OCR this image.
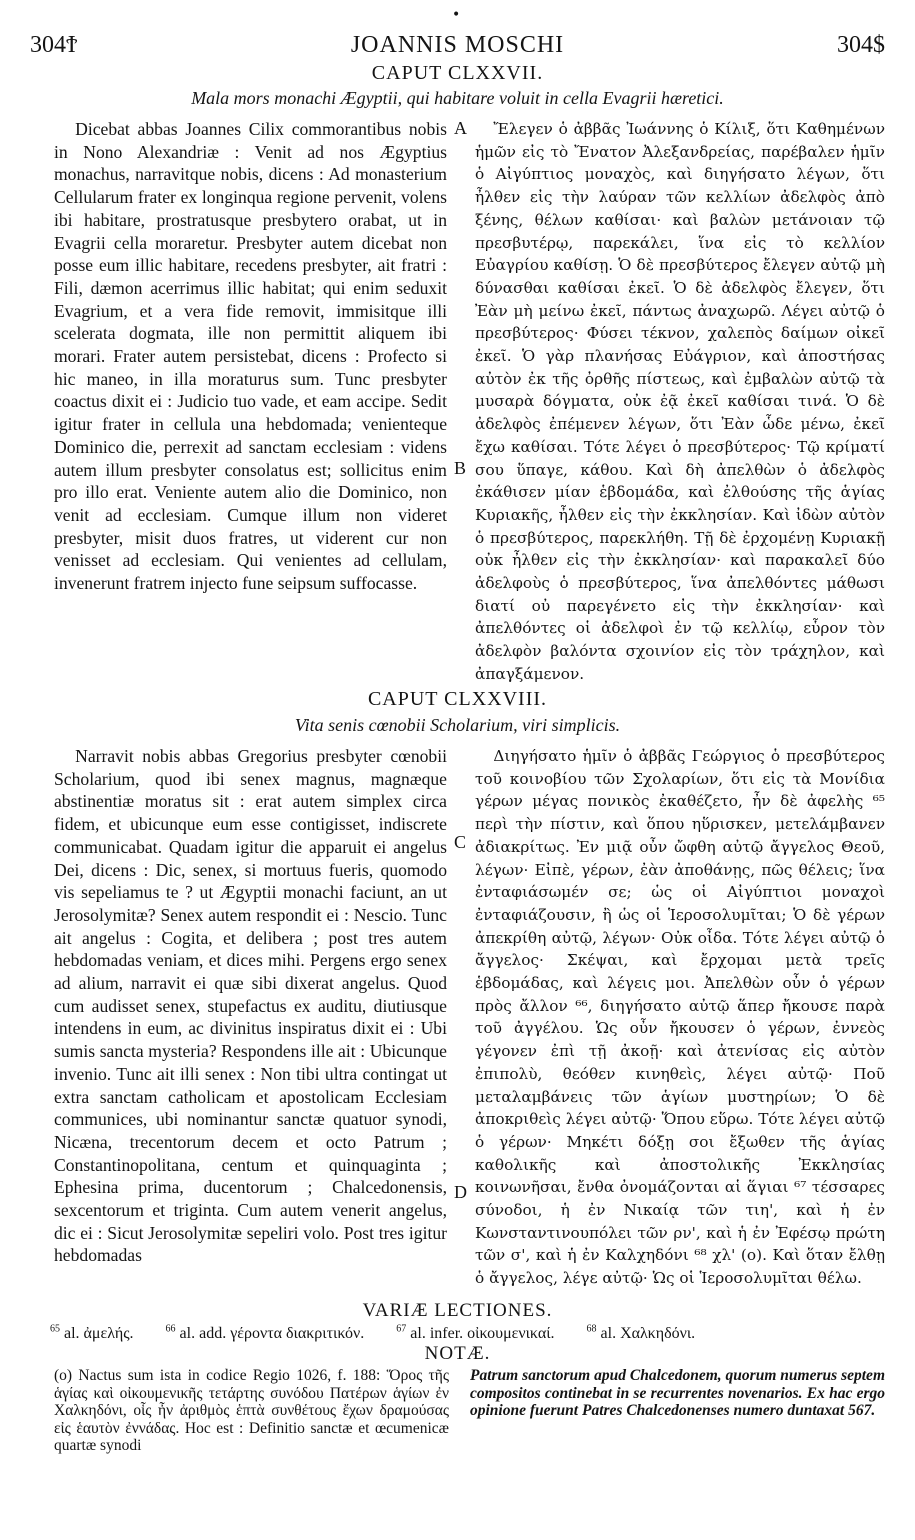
•
304Ϯ	JOANNIS MOSCHI	304$
CAPUT CLXXVII.
Mala mors monachi Ægyptii, qui habitare voluit in cella Evagrii hæretici.

Dicebat abbas Joannes Cilix commorantibus nobis in Nono Alexandriæ : Venit ad nos Ægyptius monachus, narravitque nobis, dicens : Ad monasterium Cellularum frater ex longinqua regione pervenit, volens ibi habitare, prostratusque presbytero orabat, ut in Evagrii cella moraretur. Presbyter autem dicebat non posse eum illic habitare, recedens presbyter, ait fratri : Fili, dæmon acerrimus illic habitat; qui enim seduxit Evagrium, et a vera fide removit, immisitque illi scelerata dogmata, ille non permittit aliquem ibi morari. Frater autem persistebat, dicens : Profecto si hic maneo, in illa moraturus sum. Tunc presbyter coactus dixit ei : Judicio tuo vade, et eam accipe. Sedit igitur frater in cellula una hebdomada; venienteque Dominico die, perrexit ad sanctam ecclesiam : videns autem illum presbyter consolatus est; sollicitus enim pro illo erat. Veniente autem alio die Dominico, non venit ad ecclesiam. Cumque illum non videret presbyter, misit duos fratres, ut viderent cur non venisset ad ecclesiam. Qui venientes ad cellulam, invenerunt fratrem injecto fune seipsum suffocasse.

Ἔλεγεν ὁ ἀββᾶς Ἰωάννης ὁ Κίλιξ, ὅτι Καθημένων ἡμῶν εἰς τὸ Ἔνατον Ἀλεξανδρείας, παρέβαλεν ἡμῖν ὁ Αἰγύπτιος μοναχὸς, καὶ διηγήσατο λέγων, ὅτι ἦλθεν εἰς τὴν λαύραν τῶν κελλίων ἀδελφὸς ἀπὸ ξένης, θέλων καθίσαι· καὶ βαλὼν μετάνοιαν τῷ πρεσβυτέρῳ, παρεκάλει, ἵνα εἰς τὸ κελλίον Εὐαγρίου καθίσῃ. Ὁ δὲ πρεσβύτερος ἔλεγεν αὐτῷ μὴ δύνασθαι καθίσαι ἐκεῖ. Ὁ δὲ ἀδελφὸς ἔλεγεν, ὅτι Ἐὰν μὴ μείνω ἐκεῖ, πάντως ἀναχωρῶ. Λέγει αὐτῷ ὁ πρεσβύτερος· Φύσει τέκνον, χαλεπὸς δαίμων οἰκεῖ ἐκεῖ. Ὁ γὰρ πλανήσας Εὐάγριον, καὶ ἀποστήσας αὐτὸν ἐκ τῆς ὀρθῆς πίστεως, καὶ ἐμβαλὼν αὐτῷ τὰ μυσαρὰ δόγματα, οὐκ ἐᾷ ἐκεῖ καθίσαι τινά. Ὁ δὲ ἀδελφὸς ἐπέμενεν λέγων, ὅτι Ἐὰν ὧδε μένω, ἐκεῖ ἔχω καθίσαι. Τότε λέγει ὁ πρεσβύτερος· Τῷ κρίματί σου ὕπαγε, κάθου. Καὶ δὴ ἀπελθὼν ὁ ἀδελφὸς ἐκάθισεν μίαν ἑβδομάδα, καὶ ἐλθούσης τῆς ἁγίας Κυριακῆς, ἦλθεν εἰς τὴν ἐκκλησίαν. Καὶ ἰδὼν αὐτὸν ὁ πρεσβύτερος, παρεκλήθη. Τῇ δὲ ἐρχομένῃ Κυριακῇ οὐκ ἦλθεν εἰς τὴν ἐκκλησίαν· καὶ παρακαλεῖ δύο ἀδελφοὺς ὁ πρεσβύτερος, ἵνα ἀπελθόντες μάθωσι διατί οὐ παρεγένετο εἰς τὴν ἐκκλησίαν· καὶ ἀπελθόντες οἱ ἀδελφοὶ ἐν τῷ κελλίῳ, εὗρον τὸν ἀδελφὸν βαλόντα σχοινίον εἰς τὸν τράχηλον, καὶ ἀπαγξάμενον.

A
B
CAPUT CLXXVIII.
Vita senis cœnobii Scholarium, viri simplicis.

Narravit nobis abbas Gregorius presbyter cœnobii Scholarium, quod ibi senex magnus, magnæque abstinentiæ moratus sit : erat autem simplex circa fidem, et ubicunque eum esse contigisset, indiscrete communicabat. Quadam igitur die apparuit ei angelus Dei, dicens : Dic, senex, si mortuus fueris, quomodo vis sepeliamus te ? ut Ægyptii monachi faciunt, an ut Jerosolymitæ? Senex autem respondit ei : Nescio. Tunc ait angelus : Cogita, et delibera ; post tres autem hebdomadas veniam, et dices mihi. Pergens ergo senex ad alium, narravit ei quæ sibi dixerat angelus. Quod cum audisset senex, stupefactus ex auditu, diutiusque intendens in eum, ac divinitus inspiratus dixit ei : Ubi sumis sancta mysteria? Respondens ille ait : Ubicunque invenio. Tunc ait illi senex : Non tibi ultra contingat ut extra sanctam catholicam et apostolicam Ecclesiam communices, ubi nominantur sanctæ quatuor synodi, Nicæna, trecentorum decem et octo Patrum ; Constantinopolitana, centum et quinquaginta ; Ephesina prima, ducentorum ; Chalcedonensis, sexcentorum et triginta. Cum autem venerit angelus, dic ei : Sicut Jerosolymitæ sepeliri volo. Post tres igitur hebdomadas

Διηγήσατο ἡμῖν ὁ ἀββᾶς Γεώργιος ὁ πρεσβύτερος τοῦ κοινοβίου τῶν Σχολαρίων, ὅτι εἰς τὰ Μονίδια γέρων μέγας πονικὸς ἐκαθέζετο, ἦν δὲ ἀφελὴς ⁶⁵ περὶ τὴν πίστιν, καὶ ὅπου ηὕρισκεν, μετελάμβανεν ἀδιακρίτως. Ἐν μιᾷ οὖν ὤφθη αὐτῷ ἄγγελος Θεοῦ, λέγων· Εἰπὲ, γέρων, ἐὰν ἀποθάνῃς, πῶς θέλεις; ἵνα ἐνταφιάσωμέν σε; ὡς οἱ Αἰγύπτιοι μοναχοὶ ἐνταφιάζουσιν, ἢ ὡς οἱ Ἱεροσολυμῖται; Ὁ δὲ γέρων ἀπεκρίθη αὐτῷ, λέγων· Οὐκ οἶδα. Τότε λέγει αὐτῷ ὁ ἄγγελος· Σκέψαι, καὶ ἔρχομαι μετὰ τρεῖς ἑβδομάδας, καὶ λέγεις μοι. Ἀπελθὼν οὖν ὁ γέρων πρὸς ἄλλον ⁶⁶, διηγήσατο αὐτῷ ἅπερ ἤκουσε παρὰ τοῦ ἀγγέλου. Ὡς οὖν ἤκουσεν ὁ γέρων, ἐννεὸς γέγονεν ἐπὶ τῇ ἀκοῇ· καὶ ἀτενίσας εἰς αὐτὸν ἐπιπολὺ, θεόθεν κινηθεὶς, λέγει αὐτῷ· Ποῦ μεταλαμβάνεις τῶν ἁγίων μυστηρίων; Ὁ δὲ ἀποκριθεὶς λέγει αὐτῷ· Ὅπου εὕρω. Τότε λέγει αὐτῷ ὁ γέρων· Μηκέτι δόξῃ σοι ἔξωθεν τῆς ἁγίας καθολικῆς καὶ ἀποστολικῆς Ἐκκλησίας κοινωνῆσαι, ἔνθα ὀνομάζονται αἱ ἅγιαι ⁶⁷ τέσσαρες σύνοδοι, ἡ ἐν Νικαίᾳ τῶν τιη', καὶ ἡ ἐν Κωνσταντινουπόλει τῶν ρν', καὶ ἡ ἐν Ἐφέσῳ πρώτη τῶν σ', καὶ ἡ ἐν Καλχηδόνι ⁶⁸ χλ' (o). Καὶ ὅταν ἔλθῃ ὁ ἄγγελος, λέγε αὐτῷ· Ὡς οἱ Ἱεροσολυμῖται θέλω.

C
D
VARIÆ LECTIONES.
$^{65}$ al. ἀμελής.	$^{66}$ al. add. γέροντα διακριτικόν.	$^{67}$ al. infer. οἰκουμενικαί.	$^{68}$ al. Χαλκηδόνι.
NOTÆ.
(o) Nactus sum ista in codice Regio 1026, f. 188: Ὅρος τῆς ἁγίας καὶ οἰκουμενικῆς τετάρτης συνόδου Πατέρων ἁγίων ἐν Χαλκηδόνι, οἷς ἦν ἀριθμὸς ἑπτὰ συνθέτους ἔχων δραμούσας εἰς ἑαυτὸν ἐννάδας. Hoc est : Definitio sanctæ et œcumenicæ quartæ synodi
Patrum sanctorum apud Chalcedonem, quorum numerus septem compositos continebat in se recurrentes novenarios. Ex hac ergo opinione fuerunt Patres Chalcedonenses numero duntaxat 567.
